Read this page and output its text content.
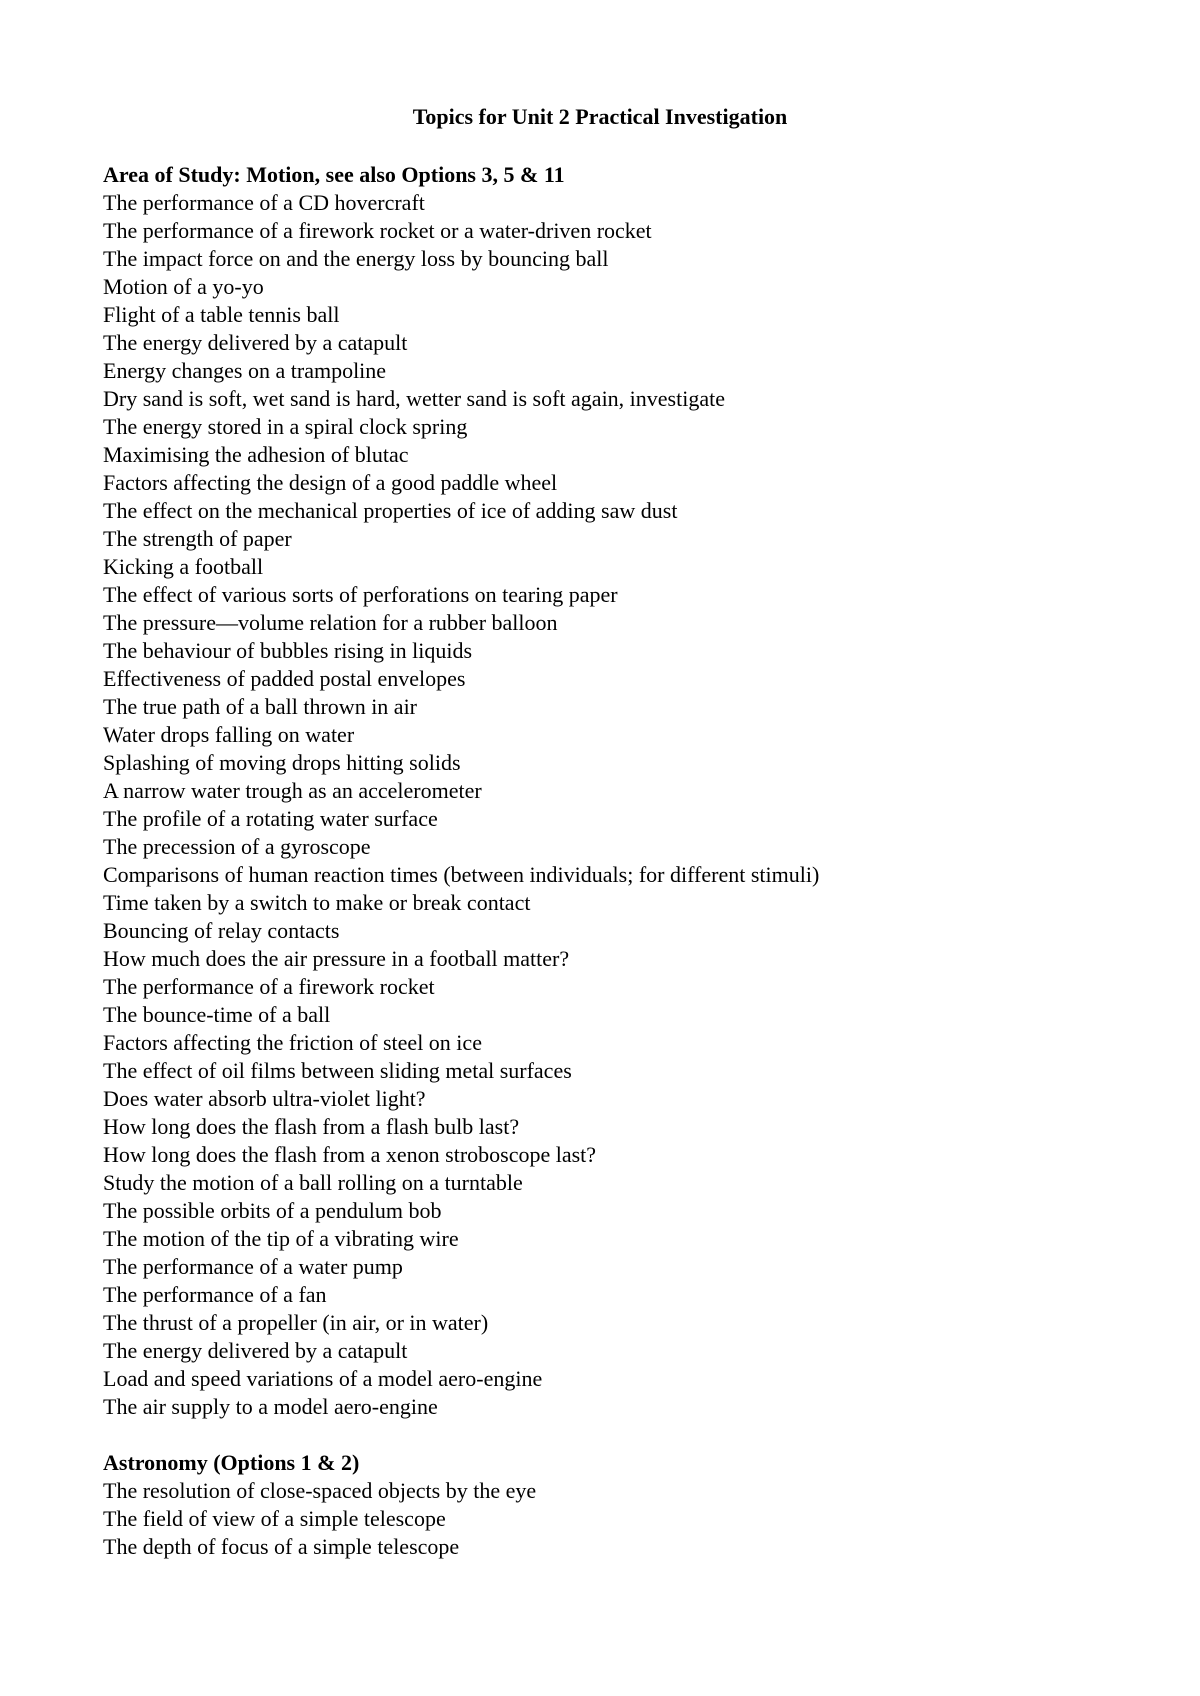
Topics for Unit 2 Practical Investigation
Area of Study: Motion, see also Options 3, 5 & 11
The performance of a CD hovercraft
The performance of a firework rocket or a water-driven rocket
The impact force on and the energy loss by bouncing ball
Motion of a yo-yo
Flight of a table tennis ball
The energy delivered by a catapult
Energy changes on a trampoline
Dry sand is soft, wet sand is hard, wetter sand is soft again, investigate
The energy stored in a spiral clock spring
Maximising the adhesion of blutac
Factors affecting the design of a good paddle wheel
The effect on the mechanical properties of ice of adding saw dust
The strength of paper
Kicking a football
The effect of various sorts of perforations on tearing paper
The pressure—volume relation for a rubber balloon
The behaviour of bubbles rising in liquids
Effectiveness of padded postal envelopes
The true path of a ball thrown in air
Water drops falling on water
Splashing of moving drops hitting solids
A narrow water trough as an accelerometer
The profile of a rotating water surface
The precession of a gyroscope
Comparisons of human reaction times (between individuals; for different stimuli)
Time taken by a switch to make or break contact
Bouncing of relay contacts
How much does the air pressure in a football matter?
The performance of a firework rocket
The bounce-time of a ball
Factors affecting the friction of steel on ice
The effect of oil films between sliding metal surfaces
Does water absorb ultra-violet light?
How long does the flash from a flash bulb last?
How long does the flash from a xenon stroboscope last?
Study the motion of a ball rolling on a turntable
The possible orbits of a pendulum bob
The motion of the tip of a vibrating wire
The performance of a water pump
The performance of a fan
The thrust of a propeller (in air, or in water)
The energy delivered by a catapult
Load and speed variations of a model aero-engine
The air supply to a model aero-engine
Astronomy (Options 1 & 2)
The resolution of close-spaced objects by the eye
The field of view of a simple telescope
The depth of focus of a simple telescope
